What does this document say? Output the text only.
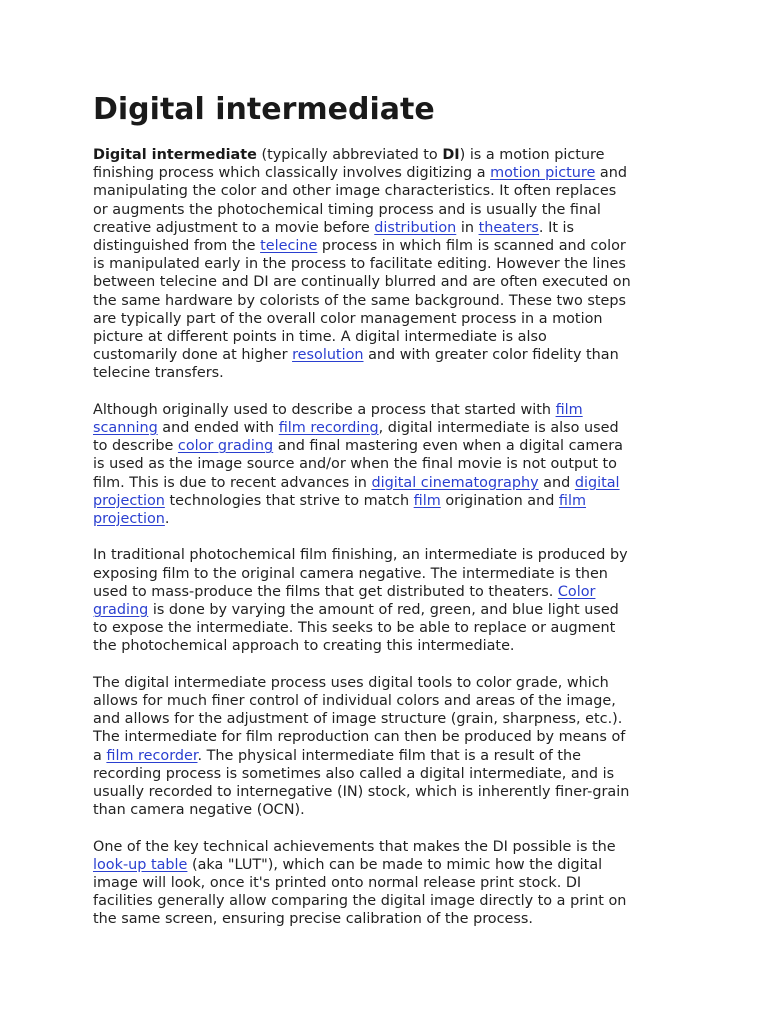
Digital intermediate
Digital intermediate (typically abbreviated to DI) is a motion picture
finishing process which classically involves digitizing a motion picture and
manipulating the color and other image characteristics. It often replaces
or augments the photochemical timing process and is usually the final
creative adjustment to a movie before distribution in theaters. It is
distinguished from the telecine process in which film is scanned and color
is manipulated early in the process to facilitate editing. However the lines
between telecine and DI are continually blurred and are often executed on
the same hardware by colorists of the same background. These two steps
are typically part of the overall color management process in a motion
picture at different points in time. A digital intermediate is also
customarily done at higher resolution and with greater color fidelity than
telecine transfers.
Although originally used to describe a process that started with film
scanning and ended with film recording, digital intermediate is also used
to describe color grading and final mastering even when a digital camera
is used as the image source and/or when the final movie is not output to
film. This is due to recent advances in digital cinematography and digital
projection technologies that strive to match film origination and film
projection.
In traditional photochemical film finishing, an intermediate is produced by
exposing film to the original camera negative. The intermediate is then
used to mass-produce the films that get distributed to theaters. Color
grading is done by varying the amount of red, green, and blue light used
to expose the intermediate. This seeks to be able to replace or augment
the photochemical approach to creating this intermediate.
The digital intermediate process uses digital tools to color grade, which
allows for much finer control of individual colors and areas of the image,
and allows for the adjustment of image structure (grain, sharpness, etc.).
The intermediate for film reproduction can then be produced by means of
a film recorder. The physical intermediate film that is a result of the
recording process is sometimes also called a digital intermediate, and is
usually recorded to internegative (IN) stock, which is inherently finer-grain
than camera negative (OCN).
One of the key technical achievements that makes the DI possible is the
look-up table (aka "LUT"), which can be made to mimic how the digital
image will look, once it's printed onto normal release print stock. DI
facilities generally allow comparing the digital image directly to a print on
the same screen, ensuring precise calibration of the process.
